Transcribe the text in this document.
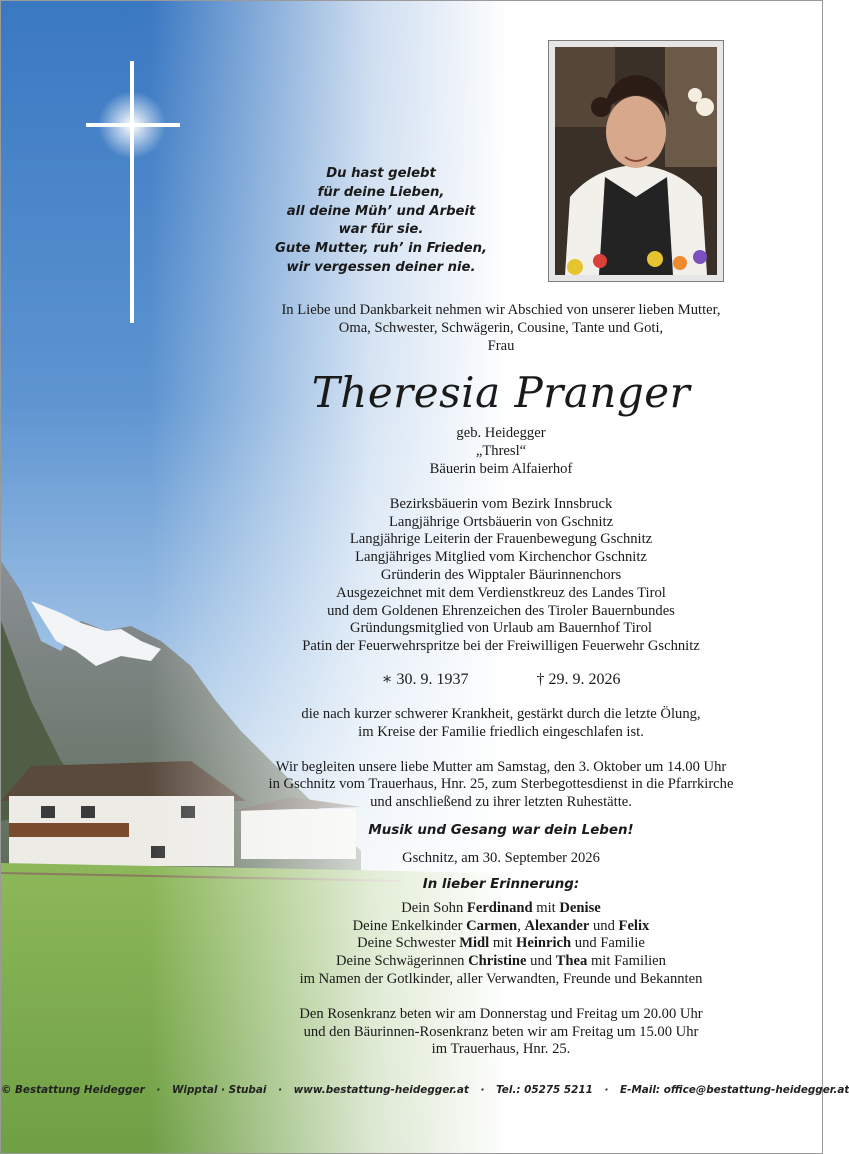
Du hast gelebt
für deine Lieben,
all deine Müh’ und Arbeit
war für sie.
Gute Mutter, ruh’ in Frieden,
wir vergessen deiner nie.
In Liebe und Dankbarkeit nehmen wir Abschied von unserer lieben Mutter,
Oma, Schwester, Schwägerin, Cousine, Tante und Goti,
Frau
Theresia Pranger
geb. Heidegger
„Thresl“
Bäuerin beim Alfaierhof
Bezirksbäuerin vom Bezirk Innsbruck
Langjährige Ortsbäuerin von Gschnitz
Langjährige Leiterin der Frauenbewegung Gschnitz
Langjähriges Mitglied vom Kirchenchor Gschnitz
Gründerin des Wipptaler Bäurinnenchors
Ausgezeichnet mit dem Verdienstkreuz des Landes Tirol
und dem Goldenen Ehrenzeichen des Tiroler Bauernbundes
Gründungsmitglied von Urlaub am Bauernhof Tirol
Patin der Feuerwehrspritze bei der Freiwilligen Feuerwehr Gschnitz
∗ 30. 9. 1937	† 29. 9. 2026
die nach kurzer schwerer Krankheit, gestärkt durch die letzte Ölung,
im Kreise der Familie friedlich eingeschlafen ist.
Wir begleiten unsere liebe Mutter am Samstag, den 3. Oktober um 14.00 Uhr
in Gschnitz vom Trauerhaus, Hnr. 25, zum Sterbegottesdienst in die Pfarrkirche
und anschließend zu ihrer letzten Ruhestätte.
Musik und Gesang war dein Leben!
Gschnitz, am 30. September 2026
In lieber Erinnerung:
Dein Sohn Ferdinand mit Denise
Deine Enkelkinder Carmen, Alexander und Felix
Deine Schwester Midl mit Heinrich und Familie
Deine Schwägerinnen Christine und Thea mit Familien
im Namen der Gotlkinder, aller Verwandten, Freunde und Bekannten
Den Rosenkranz beten wir am Donnerstag und Freitag um 20.00 Uhr
und den Bäurinnen-Rosenkranz beten wir am Freitag um 15.00 Uhr
im Trauerhaus, Hnr. 25.
© Bestattung Heidegger · Wipptal · Stubai · www.bestattung-heidegger.at · Tel.: 05275 5211 · E-Mail: office@bestattung-heidegger.at
